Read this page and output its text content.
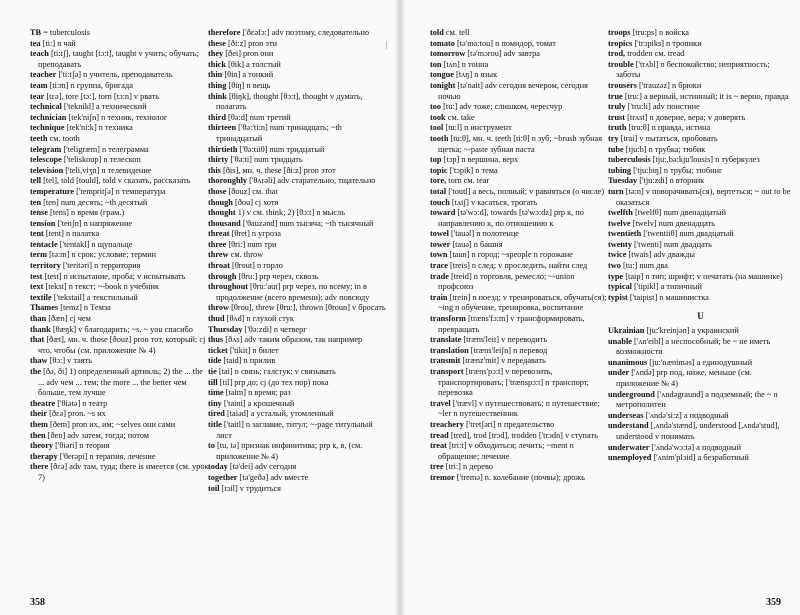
|

TB = tuberculosis

tea [ti:] n чай

teach [ti:tʃ], taught [tɔ:t], taught v учить; обучать; преподавать

teacher ['ti:tʃə] n учитель, преподаватель

team [ti:m] n группа, бригада

tear [tɛə], tore [tɔ:], torn [tɔ:n] v рвать

technical ['teknikl] a технический

technician [tek'niʃn] n техник, технолог

technique [tek'ni:k] n техника

teeth см. tooth

telegram ['teligræm] n телеграмма

telescope ['teliskoup] n телескоп

television ['teli,viʒn] n телевидение

tell [tel], told [tould], told v сказать, рассказать

temperature ['tempritʃə] n температура

ten [ten] num десять; ~th десятый

tense [tens] n время (грам.)

tension ['tenʃn] n напряжение

tent [tent] n палатка

tentacle ['tentakl] n щупальце

term [tə:m] n срок; условие; термин

territory ['teritəri] n территория

test [test] n испытание, проба; v испытывать

text [tekst] n текст; ~-book n учебник

textile ['tekstail] a текстильный

Thames [temz] n Темза

than [ðæn] cj чем

thank [θæŋk] v благодарить; ~s, ~ you спасибо

that [ðæt], мн. ч. those [ðouz] pron тот, который; cj что, чтобы (см. приложение № 4)

thaw [θɔ:] v таять

the [ðə, ði] 1) определенный артикль; 2) the ... the ... adv чем ... тем; the more ... the better чем больше, тем лучше

theatre ['θiətə] n театр

their [ðɛə] pron. ~s их

them [ðem] pron их, им; ~selves они сами

then [ðen] adv затем, тогда; потом

theory ['θiəri] n теория

therapy ['θerəpi] n терапия, лечение

there [ðɛə] adv там, туда; there is имеется (см. урок 7)

therefore ['ðɛəfɔ:] adv поэтому, следовательно

these [ði:z] pron эти

they [ðei] pron они

thick [θik] a толстый

thin [θin] a тонкий

thing [θiŋ] n вещь

think [θiŋk], thought [θɔ:t], thought v думать, полагать

third [θə:d] num третий

thirteen ['θə:'ti:n] num тринадцать; ~th тринадцатый

thirtieth ['θə:tiiθ] num тридцатый

thirty ['θə:ti] num тридцать

this [ðis], мн. ч. these [ði:z] pron этот

thoroughly ['θʌrəli] adv старательно, тщательно

those [ðouz] см. that

though [ðou] cj хотя

thought 1) v см. think; 2) [θɔ:t] n мысль

thousand ['θauzənd] num тысяча; ~th тысячный

threat [θret] n угроза

three [θri:] num три

threw см. throw

throat [θrout] n горло

through [θru:] prp через, сквозь

throughout [θru:'aut] prp через, по всему; in в продолжение (всего времени); adv повсюду

throw [θrou], threw [θru:], thrown [θroun] v бросать

thud [θʌd] n глухой стук

Thursday ['θə:zdi] n четверг

thus [ðʌs] adv таким образом, так например

ticket ['tikit] n билет

tide [taid] n прилив

tie [tai] n связь; галстук; v связывать

till [til] prp до; cj (до тех пор) пока

time [taim] n время; раз

tiny ['taini] a крошечный

tired [taiəd] a усталый, утомленный

title ['taitl] n заглавие, титул; ~-page титульный лист

to [tu, tə] признак инфинитива; prp к, в, (см. приложение № 4)

today [tə'dei] adv сегодня

together [tə'geðə] adv вместе

toil [tɔil] v трудиться

told см. tell

tomato [tə'ma:tou] n помидор, томат

tomorrow [tə'mɔrou] adv завтра

ton [tʌn] n тонна

tongue [tʌŋ] n язык

tonight [tə'nait] adv сегодня вечером, сегодня ночью

too [tu:] adv тоже; слишком, чересчур

took см. take

tool [tu:l] n инструмент

tooth [tu:θ], мн. ч. teeth [ti:θ] n зуб; ~brush зубная щетка; ~-paste зубная паста

top [tɔp] n вершина, верх

topic ['tɔpik] n тема

tore, torn см. tear

total ['toutl] a весь, полный; v равняться (о числе)

touch [tʌtʃ] v касаться, трогать

toward [tə'wɔ:d], towards [tə'wɔ:dz] prp к, по направлению к, по отношению к

towel ['tauəl] n полотенце

tower [tauə] n башня

town [taun] n город; ~speople n горожане

trace [treis] n след; v проследить, найти след

trade [treid] n торговля, ремесло; ~-union профсоюз

train [trein] n поезд; v тренироваться, обучать(ся); ~ing n обучение, тренировка, воспитание

transform [træns'fɔ:m] v трансформировать, превращать

translate [træns'leit] v переводить

translation [træns'leiʃn] n перевод

transmit [trænz'mit] v передавать

transport [træns'pɔ:t] v перевозить, транспортировать; ['trænspɔ:t] n транспорт, перевозка

travel ['trævl] v путешествовать; n путешествие; ~ler n путешественник

treachery ['tretʃəri] n предательство

tread [tred], trod [trɔd], trodden ['trɔdn] v ступать

treat [tri:t] v обходиться; лечить; ~ment n обращение; лечение

tree [tri:] n дерево

tremor ['tremə] n. колебание (почвы); дрожь

troops [tru:ps] n войска

tropics ['trɔpiks] n тропики

trod, trodden см. tread

trouble ['trʌbl] n беспокойство; неприятность; заботы

trousers ['trauzəz] n брюки

true [tru:] a верный, истинный; it is ~ верно, правда

truly ['tru:li] adv поистине

trust [trʌst] n доверие, вера; v доверять

truth [tru:θ] n правда, истина

try [trai] v пытаться, пробовать

tube [tju:b] n трубка; тюбик

tuberculosis [tju:,bə:kju'lousis] n туберкулез

tubing ['tju:biŋ] n трубы; тюбинг

Tuesday ['tju:zdi] n вторник

turn [tə:n] v поворачивать(ся), вертеться; ~ out to be оказаться

twelfth [twelfθ] num двенадцатый

twelve [twelv] num двенадцать

twentieth ['twentiiθ] num двадцатый

twenty ['twenti] num двадцать

twice [twais] adv дважды

two [tu:] num два

type [taip] n тип; шрифт; v печатать (на машинке)

typical ['tipikl] a типичный

typist ['taipist] n машинистка

U

Ukrainian [ju:'kreinjən] a украинский

unable ['ʌn'eibl] a неспособный; be ~ не иметь возможности

unanimous [ju:'næniməs] a единодушный

under ['ʌndə] prp под, ниже, меньше (см. приложение № 4)

underground ['ʌndəgraund] a подземный; the ~ n метрополитен

underseas ['ʌndə'si:z] a подводный

understand [,ʌndə'stænd], understood [,ʌndə'stud], understood v понимать

underwater ['ʌndə'wɔ:tə] a подводный

unemployed ['ʌnim'plɔid] a безработный

358	359
